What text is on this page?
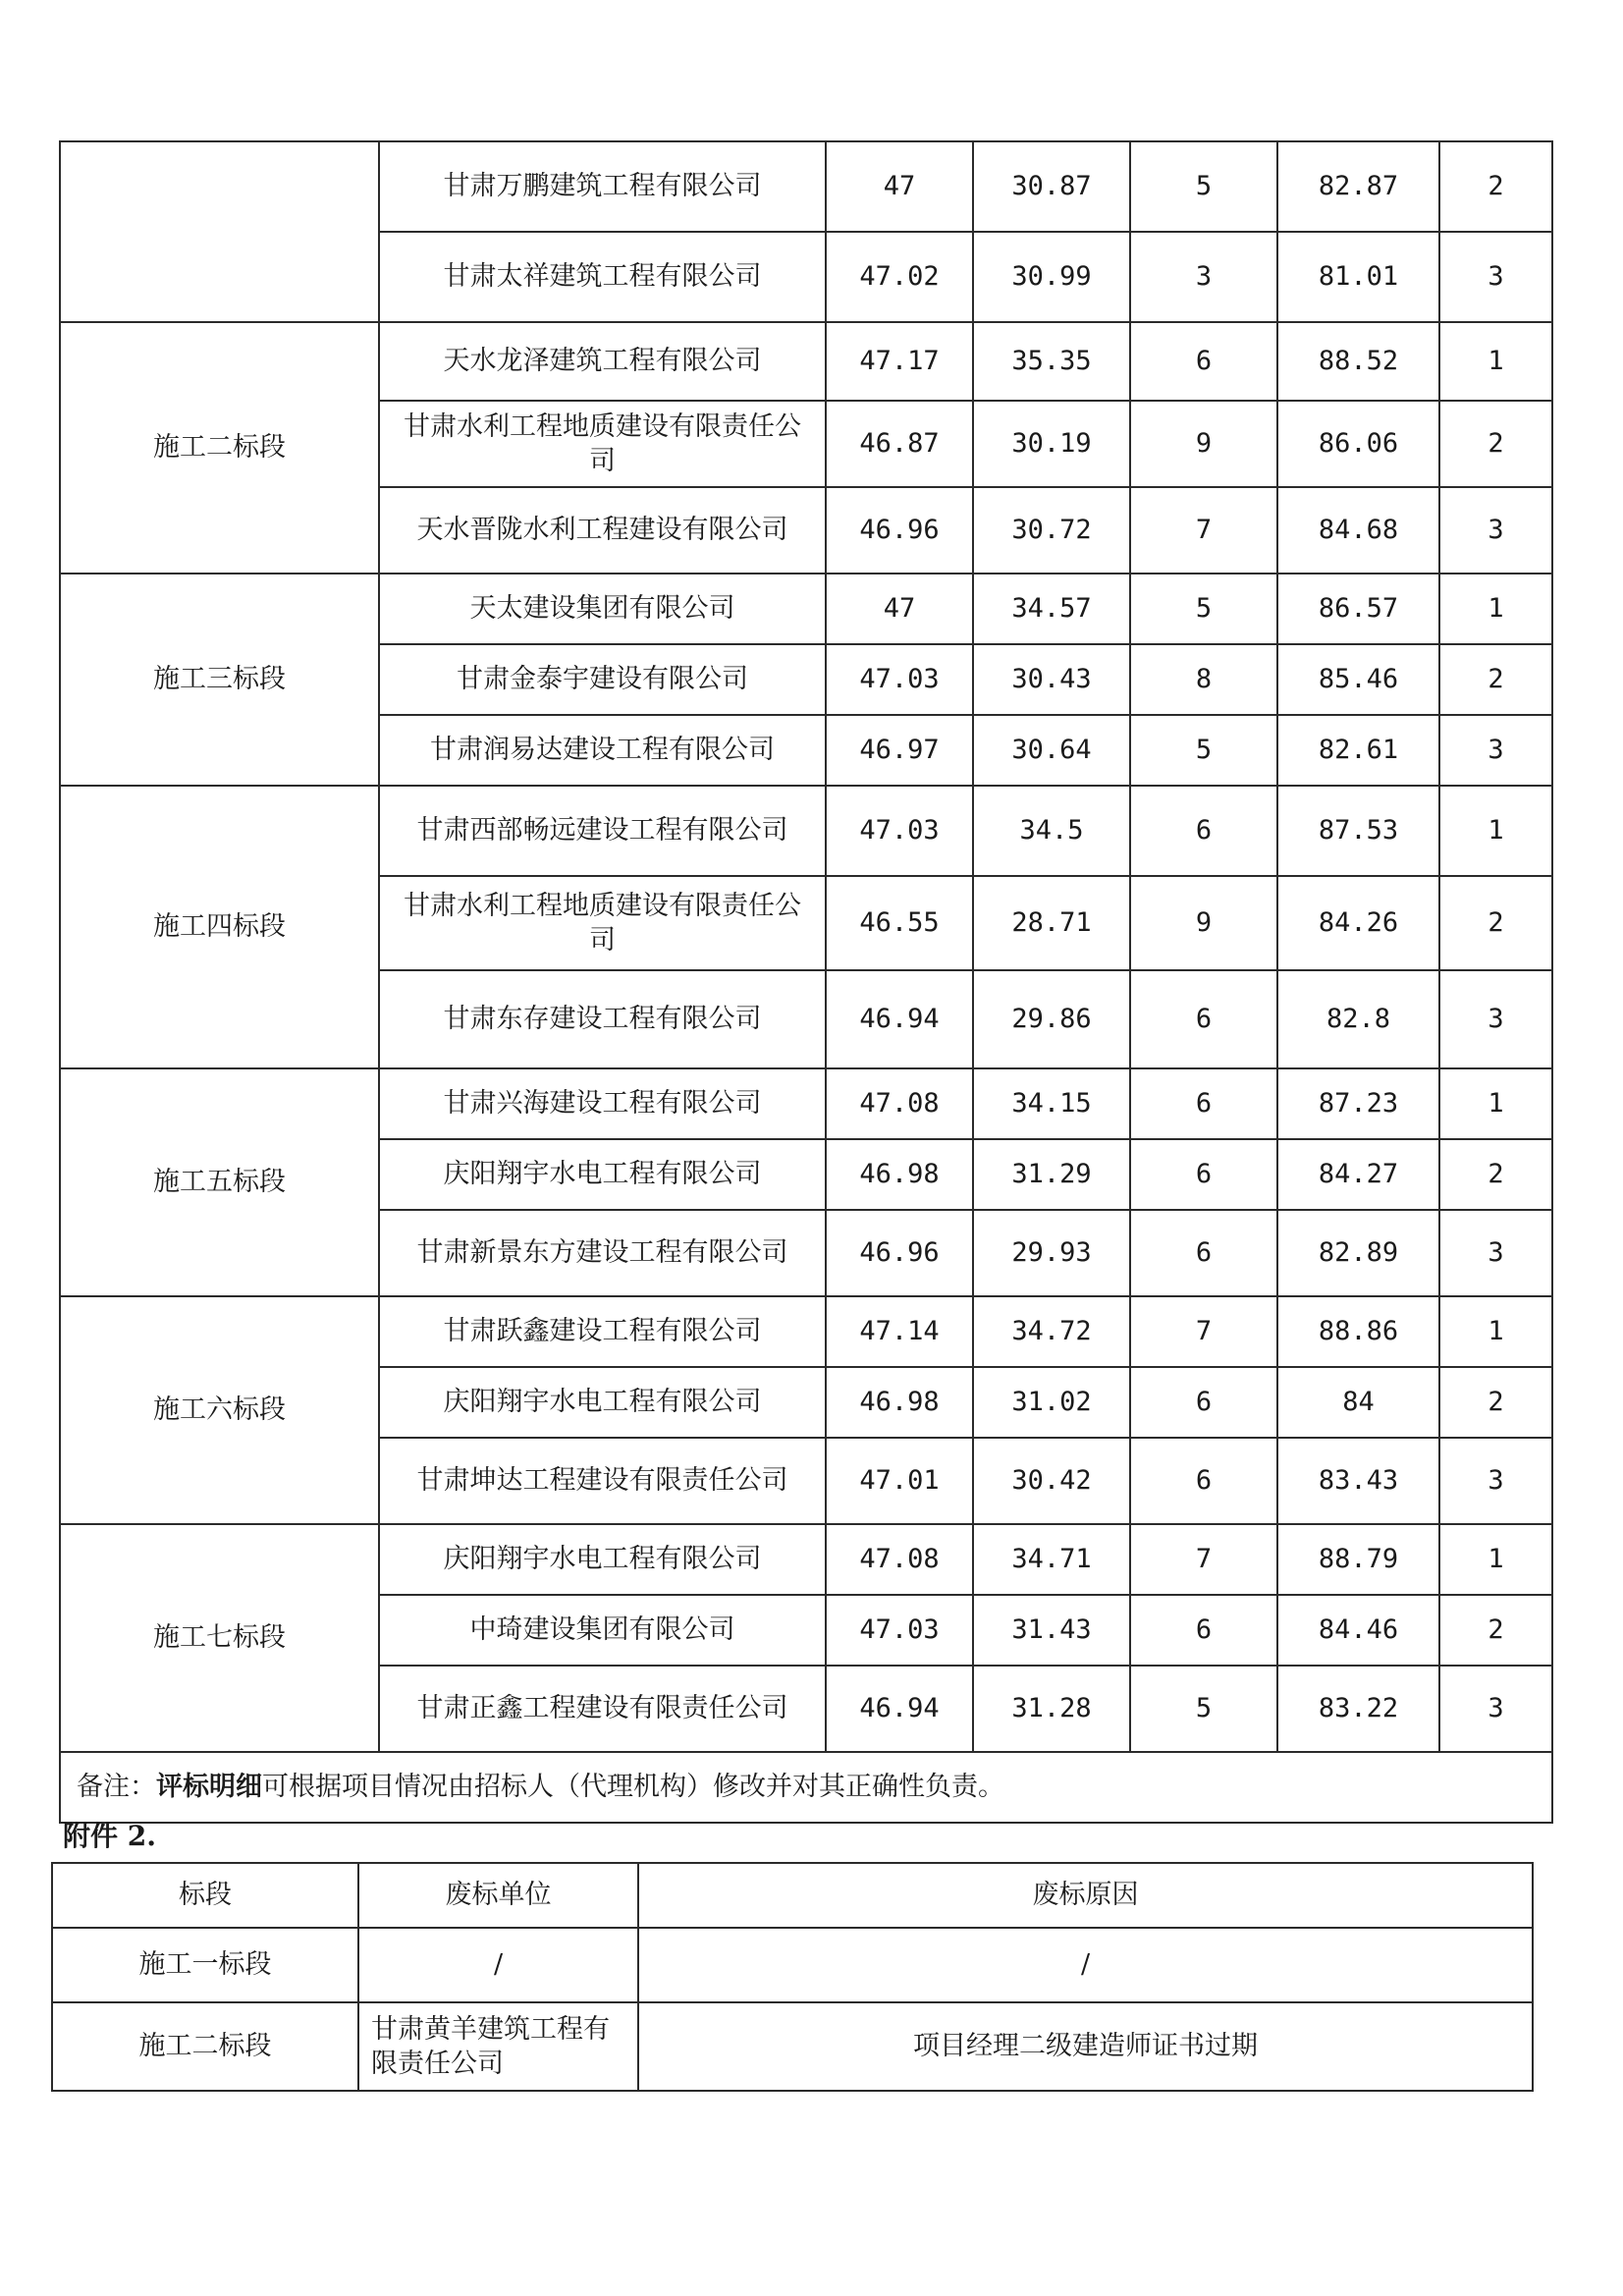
	甘肃万鹏建筑工程有限公司	47	30.87	5	82.87	2
	甘肃太祥建筑工程有限公司	47.02	30.99	3	81.01	3
施工二标段	天水龙泽建筑工程有限公司	47.17	35.35	6	88.52	1
	甘肃水利工程地质建设有限责任公司	46.87	30.19	9	86.06	2
	天水晋陇水利工程建设有限公司	46.96	30.72	7	84.68	3
施工三标段	天太建设集团有限公司	47	34.57	5	86.57	1
	甘肃金泰宇建设有限公司	47.03	30.43	8	85.46	2
	甘肃润易达建设工程有限公司	46.97	30.64	5	82.61	3
施工四标段	甘肃西部畅远建设工程有限公司	47.03	34.5	6	87.53	1
	甘肃水利工程地质建设有限责任公司	46.55	28.71	9	84.26	2
	甘肃东存建设工程有限公司	46.94	29.86	6	82.8	3
施工五标段	甘肃兴海建设工程有限公司	47.08	34.15	6	87.23	1
	庆阳翔宇水电工程有限公司	46.98	31.29	6	84.27	2
	甘肃新景东方建设工程有限公司	46.96	29.93	6	82.89	3
施工六标段	甘肃跃鑫建设工程有限公司	47.14	34.72	7	88.86	1
	庆阳翔宇水电工程有限公司	46.98	31.02	6	84	2
	甘肃坤达工程建设有限责任公司	47.01	30.42	6	83.43	3
施工七标段	庆阳翔宇水电工程有限公司	47.08	34.71	7	88.79	1
	中琦建设集团有限公司	47.03	31.43	6	84.46	2
	甘肃正鑫工程建设有限责任公司	46.94	31.28	5	83.22	3
备注：评标明细可根据项目情况由招标人（代理机构）修改并对其正确性负责。						
附件 2.
标段	废标单位	废标原因
施工一标段	/	/
施工二标段	甘肃黄羊建筑工程有限责任公司	项目经理二级建造师证书过期
